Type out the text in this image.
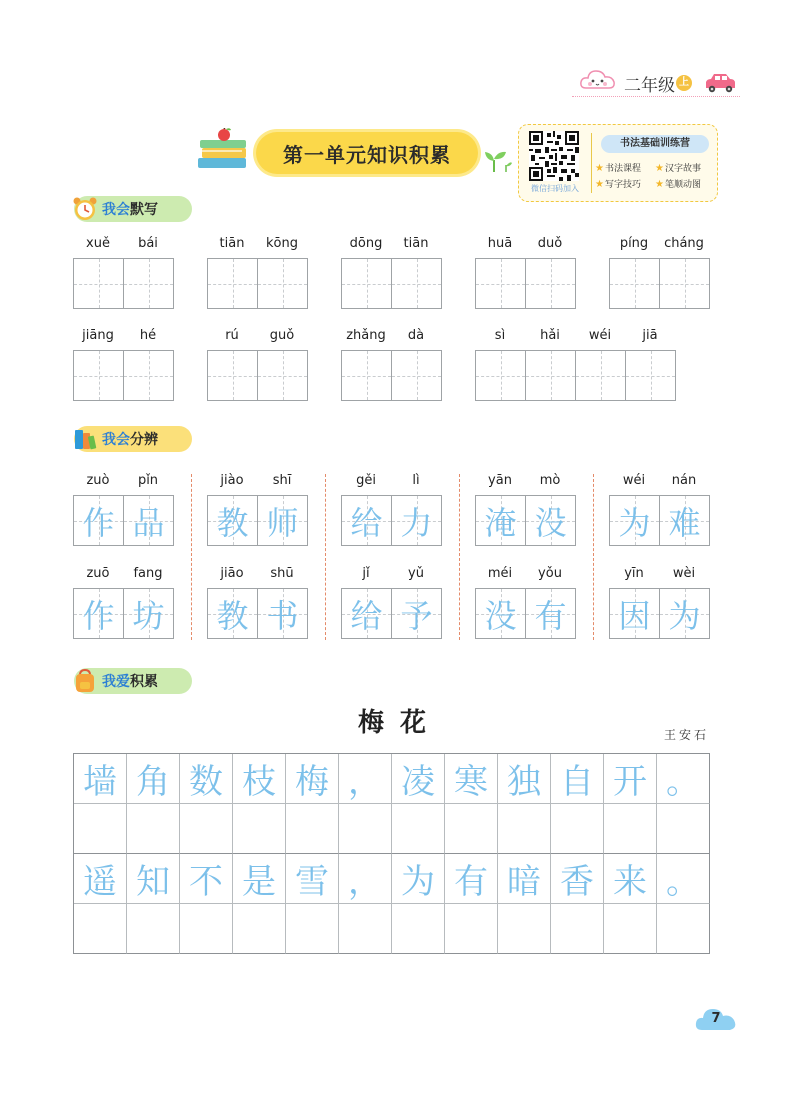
二年级 上
第一单元知识积累
微信扫码加入
书法基础训练营
★书法课程 ★汉字故事
★写字技巧 ★笔顺动图
我会默写
xuě	bái	tiān	kōng	dōng	tiān	huā	duǒ	píng	cháng
jiāng	hé	rú	guǒ	zhǎng	dà	sì	hǎi	wéi	jiā
我会分辨
zuò	pǐn
作 品
jiào	shī
教 师
gěi	lì
给 力
yān	mò
淹 没
wéi	nán
为 难
zuō	fang
作 坊
jiāo	shū
教 书
jǐ	yǔ
给 予
méi	yǒu
没 有
yīn	wèi
因 为
我爱积累
梅花	王安石
墙 角 数 枝 梅 ， 凌 寒 独 自 开 。
遥 知 不 是 雪 ， 为 有 暗 香 来 。
7
